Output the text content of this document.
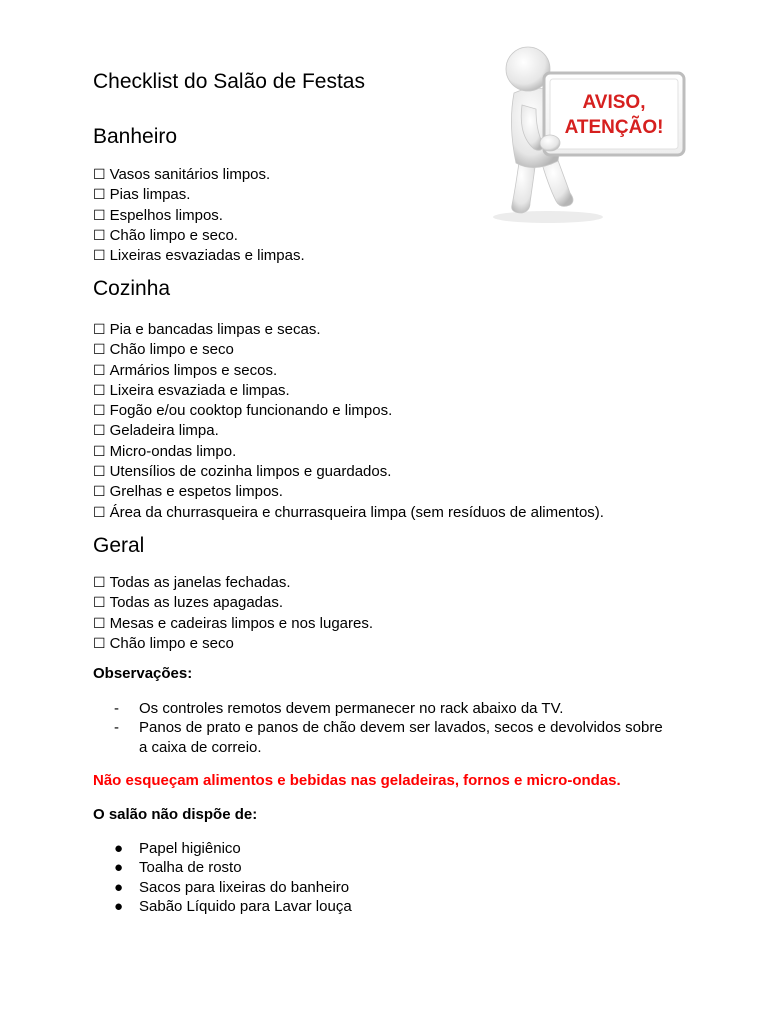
Checklist do Salão de Festas
Banheiro
☐ Vasos sanitários limpos.
☐ Pias limpas.
☐ Espelhos limpos.
☐ Chão limpo e seco.
☐ Lixeiras esvaziadas e limpas.
Cozinha
☐ Pia e bancadas limpas e secas.
☐ Chão limpo e seco
☐ Armários limpos e secos.
☐ Lixeira esvaziada e limpas.
☐ Fogão e/ou cooktop funcionando e limpos.
☐ Geladeira limpa.
☐ Micro-ondas limpo.
☐ Utensílios de cozinha limpos e guardados.
☐ Grelhas e espetos limpos.
☐ Área da churrasqueira e churrasqueira limpa (sem resíduos de alimentos).
Geral
☐ Todas as janelas fechadas.
☐ Todas as luzes apagadas.
☐ Mesas e cadeiras limpos e nos lugares.
☐ Chão limpo e seco

Observações:

- Os controles remotos devem permanecer no rack abaixo da TV.
- Panos de prato e panos de chão devem ser lavados, secos e devolvidos sobre a caixa de correio.

Não esqueçam alimentos e bebidas nas geladeiras, fornos e micro-ondas.

O salão não dispõe de:

● Papel higiênico
● Toalha de rosto
● Sacos para lixeiras do banheiro
● Sabão Líquido para Lavar louça
AVISO,
ATENÇÃO!
